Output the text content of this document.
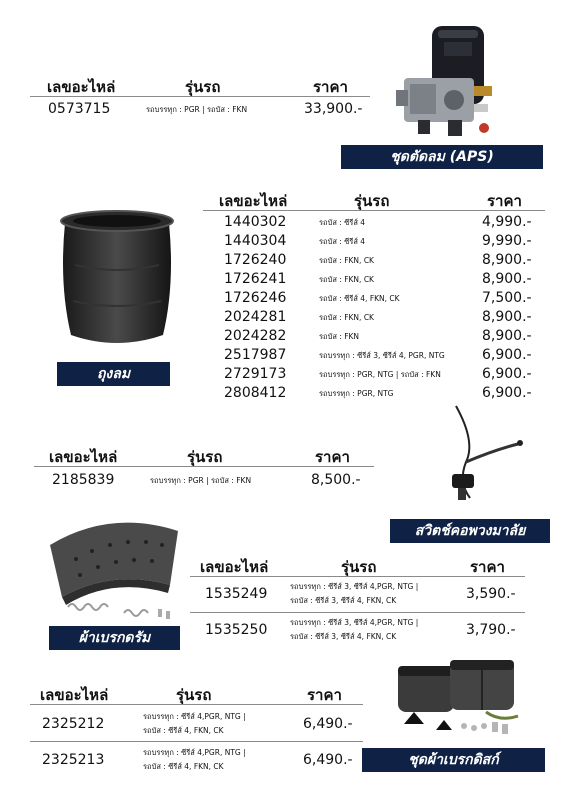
เลขอะไหล่	รุ่นรถ	ราคา
0573715	รถบรรทุก : PGR | รถบัส : FKN	33,900.-
ชุดตัดลม (APS)
เลขอะไหล่	รุ่นรถ	ราคา
1440302	รถบัส : ซีรีส์ 4	4,990.-
1440304	รถบัส : ซีรีส์ 4	9,990.-
1726240	รถบัส : FKN, CK	8,900.-
1726241	รถบัส : FKN, CK	8,900.-
1726246	รถบัส : ซีรีส์ 4, FKN, CK	7,500.-
2024281	รถบัส : FKN, CK	8,900.-
2024282	รถบัส : FKN	8,900.-
2517987	รถบรรทุก : ซีรีส์ 3, ซีรีส์ 4, PGR, NTG	6,900.-
2729173	รถบรรทุก : PGR, NTG | รถบัส : FKN	6,900.-
2808412	รถบรรทุก : PGR, NTG	6,900.-
ถุงลม
เลขอะไหล่	รุ่นรถ	ราคา
2185839	รถบรรทุก : PGR | รถบัส : FKN	8,500.-
สวิตช์คอพวงมาลัย
เลขอะไหล่	รุ่นรถ	ราคา
1535249	รถบรรทุก : ซีรีส์ 3, ซีรีส์ 4,PGR, NTG |
รถบัส : ซีรีส์ 3, ซีรีส์ 4, FKN, CK	3,590.-
1535250	รถบรรทุก : ซีรีส์ 3, ซีรีส์ 4,PGR, NTG |
รถบัส : ซีรีส์ 3, ซีรีส์ 4, FKN, CK	3,790.-
ผ้าเบรกดรัม
เลขอะไหล่	รุ่นรถ	ราคา
2325212	รถบรรทุก : ซีรีส์ 4,PGR, NTG |
รถบัส : ซีรีส์ 4, FKN, CK	6,490.-
2325213	รถบรรทุก : ซีรีส์ 4,PGR, NTG |
รถบัส : ซีรีส์ 4, FKN, CK	6,490.-	ชุดผ้าเบรกดิสก์
